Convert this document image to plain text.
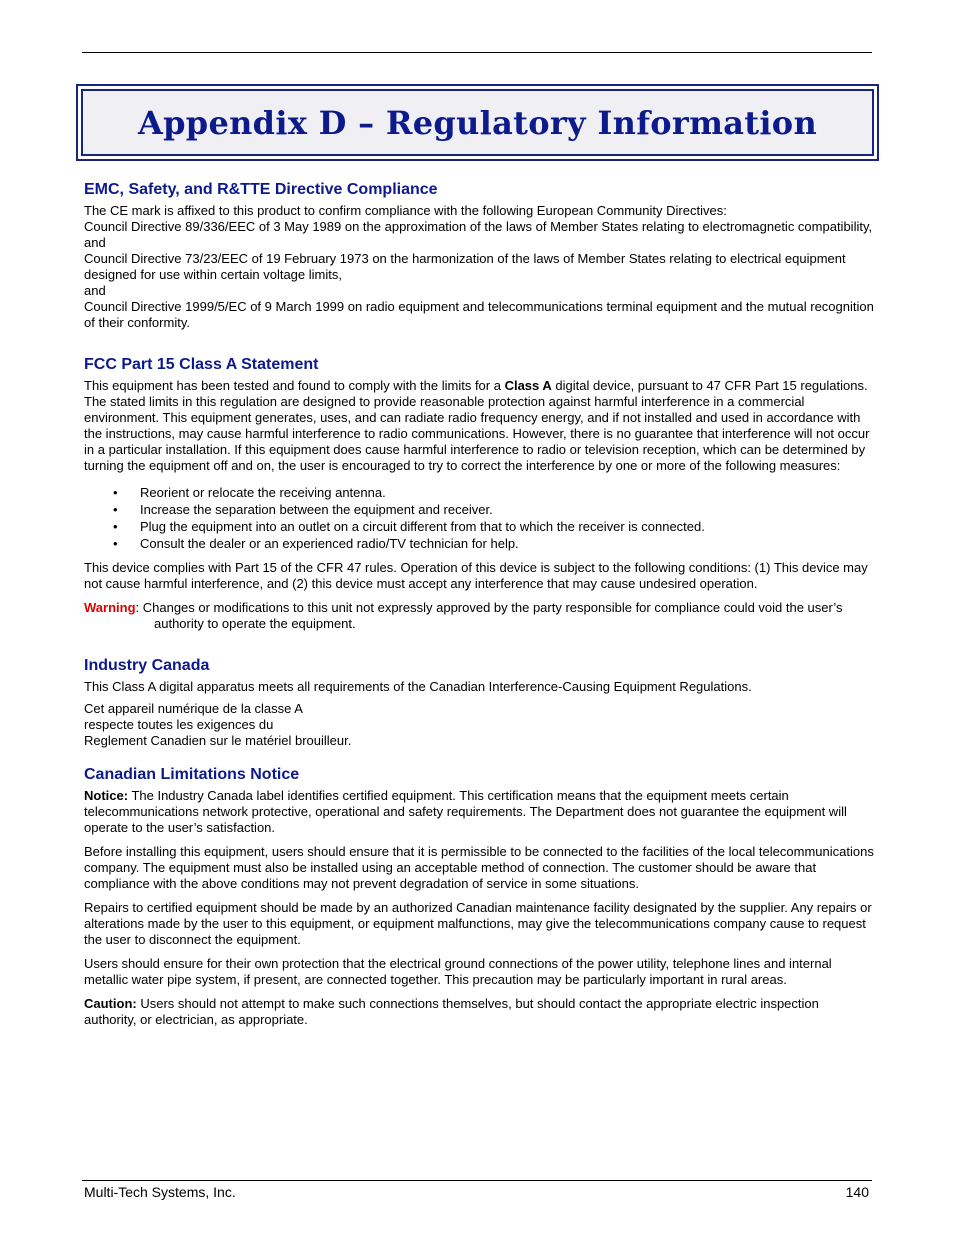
Appendix D – Regulatory Information
EMC, Safety, and R&TTE Directive Compliance

The CE mark is affixed to this product to confirm compliance with the following European Community Directives:

Council Directive 89/336/EEC of 3 May 1989 on the approximation of the laws of Member States relating to electromagnetic compatibility,

and

Council Directive 73/23/EEC of 19 February 1973 on the harmonization of the laws of Member States relating to electrical equipment designed for use within certain voltage limits,

and

Council Directive 1999/5/EC of 9 March 1999 on radio equipment and telecommunications terminal equipment and the mutual recognition of their conformity.

FCC Part 15 Class A Statement

This equipment has been tested and found to comply with the limits for a Class A digital device, pursuant to 47 CFR Part 15 regulations. The stated limits in this regulation are designed to provide reasonable protection against harmful interference in a commercial environment. This equipment generates, uses, and can radiate radio frequency energy, and if not installed and used in accordance with the instructions, may cause harmful interference to radio communications. However, there is no guarantee that interference will not occur in a particular installation. If this equipment does cause harmful interference to radio or television reception, which can be determined by turning the equipment off and on, the user is encouraged to try to correct the interference by one or more of the following measures:

• Reorient or relocate the receiving antenna.
• Increase the separation between the equipment and receiver.
• Plug the equipment into an outlet on a circuit different from that to which the receiver is connected.
• Consult the dealer or an experienced radio/TV technician for help.

This device complies with Part 15 of the CFR 47 rules. Operation of this device is subject to the following conditions: (1) This device may not cause harmful interference, and (2) this device must accept any interference that may cause undesired operation.

Warning: Changes or modifications to this unit not expressly approved by the party responsible for compliance could void the user’s authority to operate the equipment.

Industry Canada

This Class A digital apparatus meets all requirements of the Canadian Interference-Causing Equipment Regulations.

Cet appareil numérique de la classe A

respecte toutes les exigences du

Reglement Canadien sur le matériel brouilleur.

Canadian Limitations Notice

Notice: The Industry Canada label identifies certified equipment. This certification means that the equipment meets certain telecommunications network protective, operational and safety requirements. The Department does not guarantee the equipment will operate to the user’s satisfaction.

Before installing this equipment, users should ensure that it is permissible to be connected to the facilities of the local telecommunications company. The equipment must also be installed using an acceptable method of connection. The customer should be aware that compliance with the above conditions may not prevent degradation of service in some situations.

Repairs to certified equipment should be made by an authorized Canadian maintenance facility designated by the supplier. Any repairs or alterations made by the user to this equipment, or equipment malfunctions, may give the telecommunications company cause to request the user to disconnect the equipment.

Users should ensure for their own protection that the electrical ground connections of the power utility, telephone lines and internal metallic water pipe system, if present, are connected together. This precaution may be particularly important in rural areas.

Caution: Users should not attempt to make such connections themselves, but should contact the appropriate electric inspection authority, or electrician, as appropriate.

Multi-Tech Systems, Inc.	140
